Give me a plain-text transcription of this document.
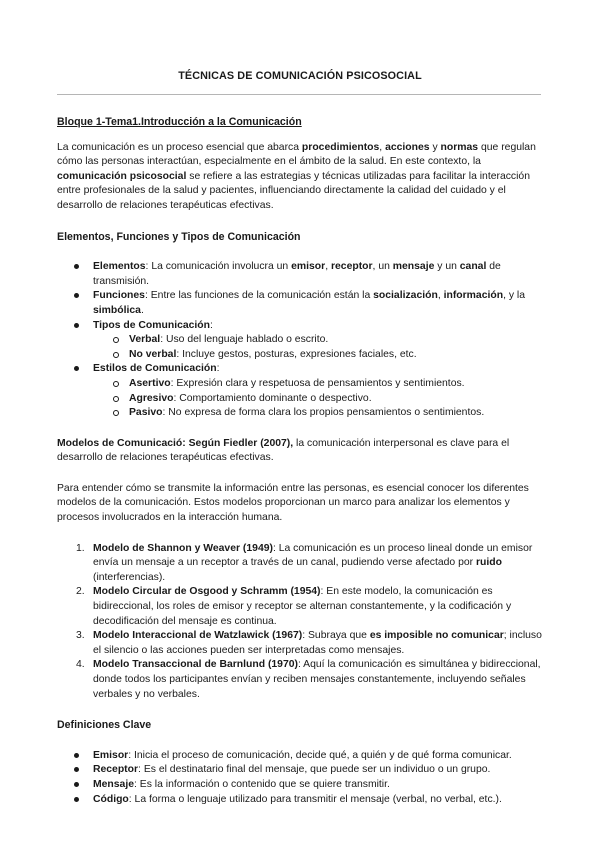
TÉCNICAS DE COMUNICACIÓN PSICOSOCIAL
Bloque 1-Tema1.Introducción a la Comunicación

La comunicación es un proceso esencial que abarca procedimientos, acciones y normas que regulan cómo las personas interactúan, especialmente en el ámbito de la salud. En este contexto, la comunicación psicosocial se refiere a las estrategias y técnicas utilizadas para facilitar la interacción entre profesionales de la salud y pacientes, influenciando directamente la calidad del cuidado y el desarrollo de relaciones terapéuticas efectivas.

Elementos, Funciones y Tipos de Comunicación
Elementos: La comunicación involucra un emisor, receptor, un mensaje y un canal de transmisión.
Funciones: Entre las funciones de la comunicación están la socialización, información, y la simbólica.
Tipos de Comunicación:
Verbal: Uso del lenguaje hablado o escrito.
No verbal: Incluye gestos, posturas, expresiones faciales, etc.
Estilos de Comunicación:
Asertivo: Expresión clara y respetuosa de pensamientos y sentimientos.
Agresivo: Comportamiento dominante o despectivo.
Pasivo: No expresa de forma clara los propios pensamientos o sentimientos.

Modelos de Comunicació: Según Fiedler (2007), la comunicación interpersonal es clave para el desarrollo de relaciones terapéuticas efectivas.

Para entender cómo se transmite la información entre las personas, es esencial conocer los diferentes modelos de la comunicación. Estos modelos proporcionan un marco para analizar los elementos y procesos involucrados en la interacción humana.

1. Modelo de Shannon y Weaver (1949): La comunicación es un proceso lineal donde un emisor envía un mensaje a un receptor a través de un canal, pudiendo verse afectado por ruido (interferencias).
2. Modelo Circular de Osgood y Schramm (1954): En este modelo, la comunicación es bidireccional, los roles de emisor y receptor se alternan constantemente, y la codificación y decodificación del mensaje es continua.
3. Modelo Interaccional de Watzlawick (1967): Subraya que es imposible no comunicar; incluso el silencio o las acciones pueden ser interpretadas como mensajes.
4. Modelo Transaccional de Barnlund (1970): Aquí la comunicación es simultánea y bidireccional, donde todos los participantes envían y reciben mensajes constantemente, incluyendo señales verbales y no verbales.
Definiciones Clave
Emisor: Inicia el proceso de comunicación, decide qué, a quién y de qué forma comunicar.
Receptor: Es el destinatario final del mensaje, que puede ser un individuo o un grupo.
Mensaje: Es la información o contenido que se quiere transmitir.
Código: La forma o lenguaje utilizado para transmitir el mensaje (verbal, no verbal, etc.).
